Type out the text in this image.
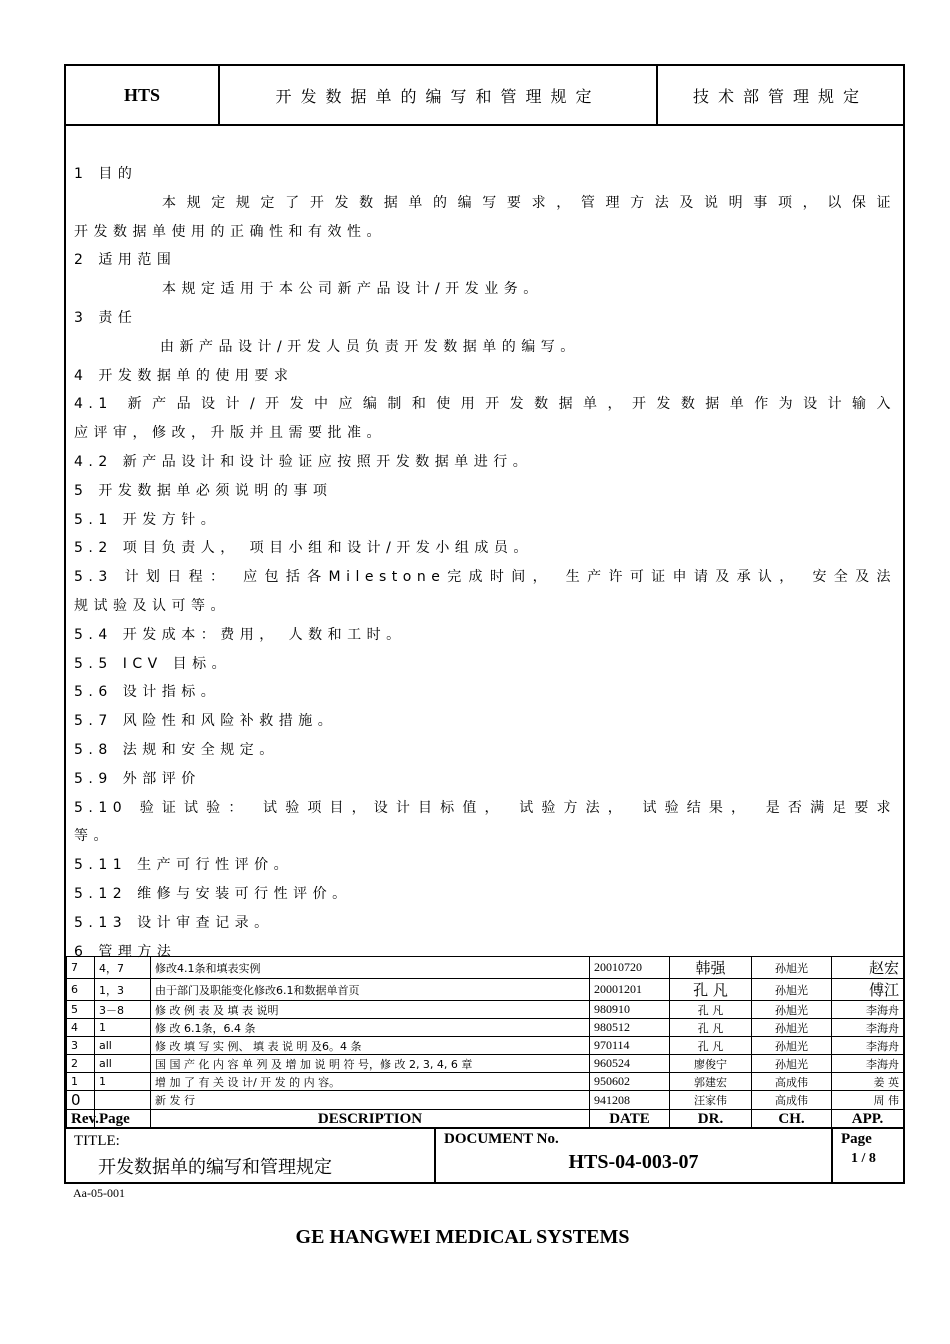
HTS	开发数据单的编写和管理规定	技术部管理规定

1 目的

本规定规定了开发数据单的编写要求，管理方法及说明事项，以保证

开发数据单使用的正确性和有效性。

2 适用范围

本规定适用于本公司新产品设计/开发业务。

3 责任

由新产品设计/开发人员负责开发数据单的编写。

4 开发数据单的使用要求

4.1 新产品设计/开发中应编制和使用开发数据单，开发数据单作为设计输入

应评审，修改，升版并且需要批准。

4.2 新产品设计和设计验证应按照开发数据单进行。

5 开发数据单必须说明的事项

5.1 开发方针。

5.2 项目负责人， 项目小组和设计/开发小组成员。

5.3 计划日程： 应包括各Milestone完成时间， 生产许可证申请及承认， 安全及法

规试验及认可等。

5.4 开发成本：费用， 人数和工时。

5.5 ICV 目标。

5.6 设计指标。

5.7 风险性和风险补救措施。

5.8 法规和安全规定。

5.9 外部评价

5.10 验证试验： 试验项目，设计目标值， 试验方法， 试验结果， 是否满足要求

等。

5.11 生产可行性评价。

5.12 维修与安装可行性评价。

5.13 设计审查记录。

6 管理方法

7	4，7	修改4.1条和填表实例	20010720	韩强	孙旭光	赵宏
6	1，3	由于部门及职能变化修改6.1和数据单首页	20001201	孔 凡	孙旭光	傅江
5	3－8	修 改 例 表 及 填 表 说明	980910	孔 凡	孙旭光	李海舟
4	1	修 改 6.1条，6.4 条	980512	孔 凡	孙旭光	李海舟
3	all	修 改 填 写 实 例、 填 表 说 明 及6。4 条	970114	孔 凡	孙旭光	李海舟
2	all	国 国 产 化 内 容 单 列 及 增 加 说 明 符 号，修 改 2, 3, 4, 6 章	960524	廖俊宁	孙旭光	李海舟
1	1	增 加 了 有 关 设 计/ 开 发 的 内 容。	950602	郭建宏	高成伟	姜 英
0		新 发 行	941208	汪家伟	高成伟	周 伟
Rev.	Page	DESCRIPTION	DATE	DR.	CH.	APP.
TITLE:
开发数据单的编写和管理规定
DOCUMENT No.
HTS-04-003-07
Page
1 / 8
Aa-05-001
GE HANGWEI MEDICAL SYSTEMS
